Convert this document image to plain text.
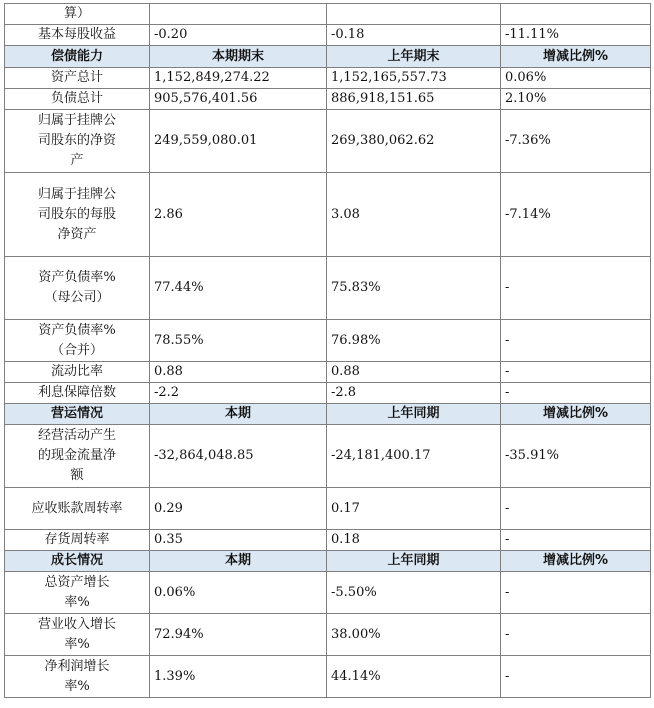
算）			
基本每股收益	-0.20	-0.18	-11.11%
偿债能力	本期期末	上年期末	增减比例%
资产总计	1,152,849,274.22	1,152,165,557.73	0.06%
负债总计	905,576,401.56	886,918,151.65	2.10%

归属于挂牌公司股东的净资产	249,559,080.01	269,380,062.62	-7.36%

归属于挂牌公司股东的每股净资产	2.86	3.08	-7.14%

资产负债率%（母公司）	77.44%	75.83%	-

资产负债率%（合并）	78.55%	76.98%	-
流动比率	0.88	0.88	-
利息保障倍数	-2.2	-2.8	-
营运情况	本期	上年同期	增减比例%

经营活动产生的现金流量净额	-32,864,048.85	-24,181,400.17	-35.91%

应收账款周转率	0.29	0.17	-
存货周转率	0.35	0.18	-
成长情况	本期	上年同期	增减比例%

总资产增长率%	0.06%	-5.50%	-

营业收入增长率%	72.94%	38.00%	-

净利润增长率%	1.39%	44.14%	-
